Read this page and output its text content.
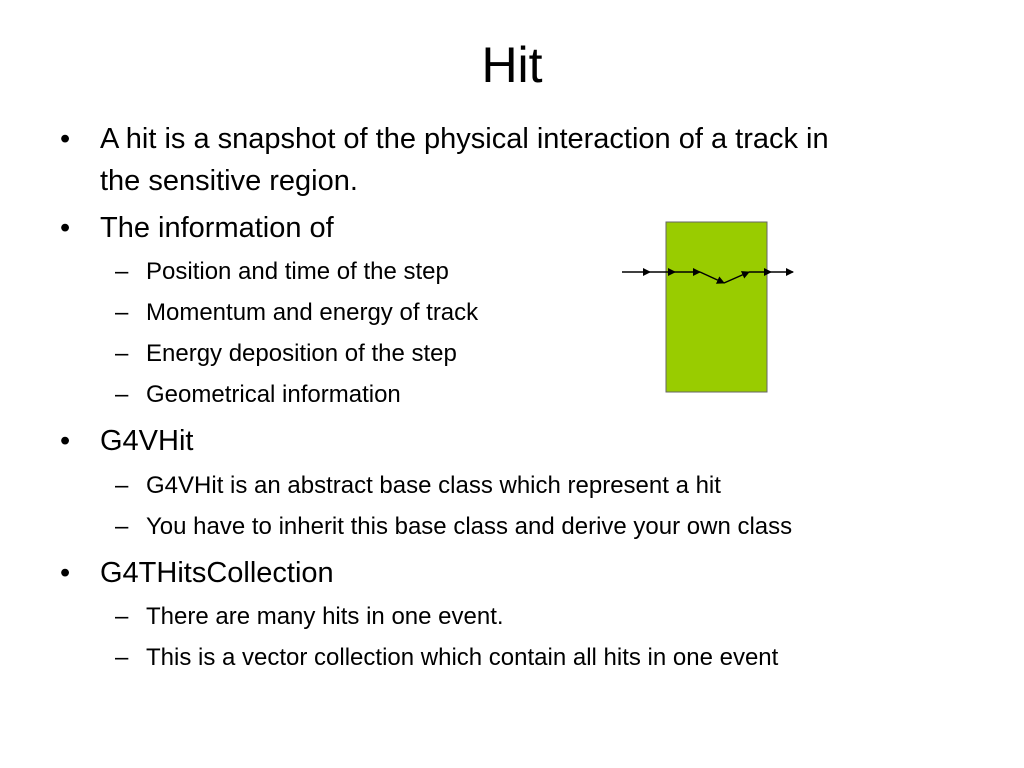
Hit
• A hit is a snapshot of the physical interaction of a track in
the sensitive region.
• The information of
– Position and time of the step
– Momentum and energy of track
– Energy deposition of the step
– Geometrical information
• G4VHit
– G4VHit is an abstract base class which represent a hit
– You have to inherit this base class and derive your own class
• G4THitsCollection
– There are many hits in one event.
– This is a vector collection which contain all hits in one event
